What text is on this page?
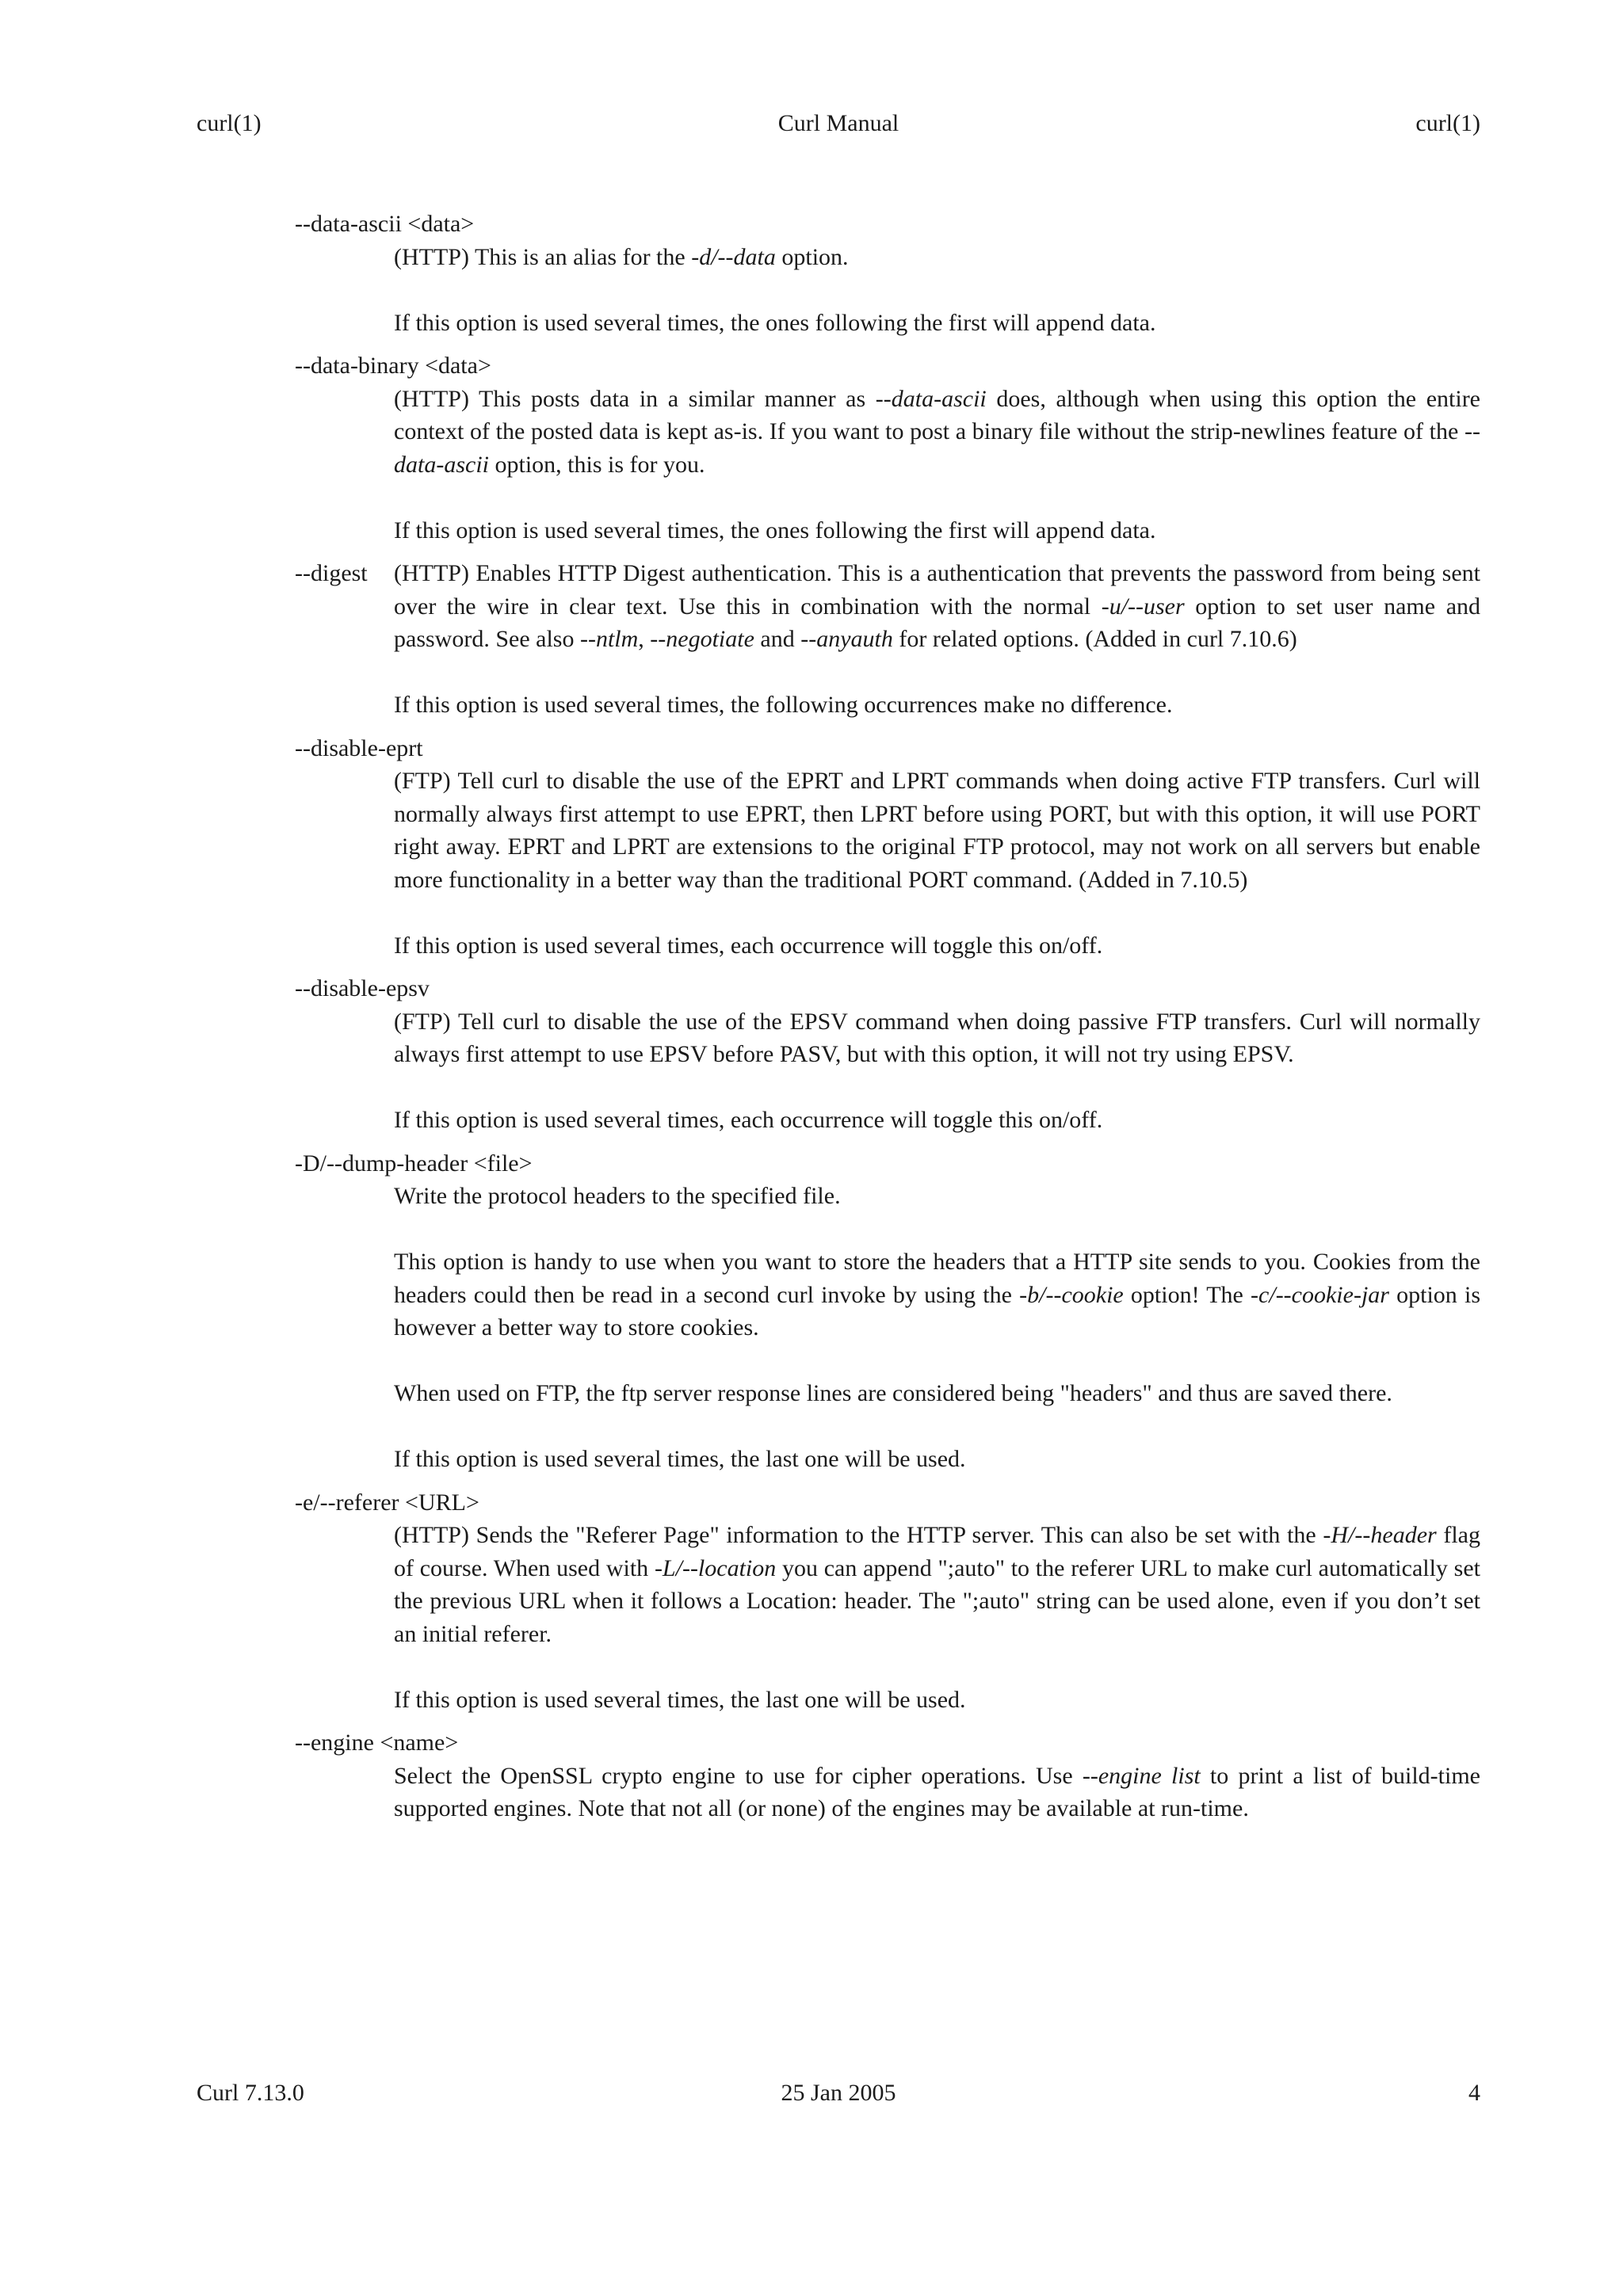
curl(1)	Curl Manual	curl(1)
--data-ascii <data>

(HTTP) This is an alias for the -d/--data option.

If this option is used several times, the ones following the first will append data.

--data-binary <data>

(HTTP) This posts data in a similar manner as --data-ascii does, although when using this option the entire context of the posted data is kept as-is. If you want to post a binary file without the strip-newlines feature of the --data-ascii option, this is for you.

If this option is used several times, the ones following the first will append data.

--digest (HTTP) Enables HTTP Digest authentication. This is a authentication that prevents the password from being sent over the wire in clear text. Use this in combination with the normal -u/--user option to set user name and password. See also --ntlm, --negotiate and --anyauth for related options. (Added in curl 7.10.6)

If this option is used several times, the following occurrences make no difference.

--disable-eprt

(FTP) Tell curl to disable the use of the EPRT and LPRT commands when doing active FTP transfers. Curl will normally always first attempt to use EPRT, then LPRT before using PORT, but with this option, it will use PORT right away. EPRT and LPRT are extensions to the original FTP protocol, may not work on all servers but enable more functionality in a better way than the traditional PORT command. (Added in 7.10.5)

If this option is used several times, each occurrence will toggle this on/off.

--disable-epsv

(FTP) Tell curl to disable the use of the EPSV command when doing passive FTP transfers. Curl will normally always first attempt to use EPSV before PASV, but with this option, it will not try using EPSV.

If this option is used several times, each occurrence will toggle this on/off.

-D/--dump-header <file>

Write the protocol headers to the specified file.

This option is handy to use when you want to store the headers that a HTTP site sends to you. Cookies from the headers could then be read in a second curl invoke by using the -b/--cookie option! The -c/--cookie-jar option is however a better way to store cookies.

When used on FTP, the ftp server response lines are considered being "headers" and thus are saved there.

If this option is used several times, the last one will be used.

-e/--referer <URL>

(HTTP) Sends the "Referer Page" information to the HTTP server. This can also be set with the -H/--header flag of course. When used with -L/--location you can append ";auto" to the referer URL to make curl automatically set the previous URL when it follows a Location: header. The ";auto" string can be used alone, even if you don’t set an initial referer.

If this option is used several times, the last one will be used.

--engine <name>

Select the OpenSSL crypto engine to use for cipher operations. Use --engine list to print a list of build-time supported engines. Note that not all (or none) of the engines may be available at run-time.

Curl 7.13.0	25 Jan 2005	4
